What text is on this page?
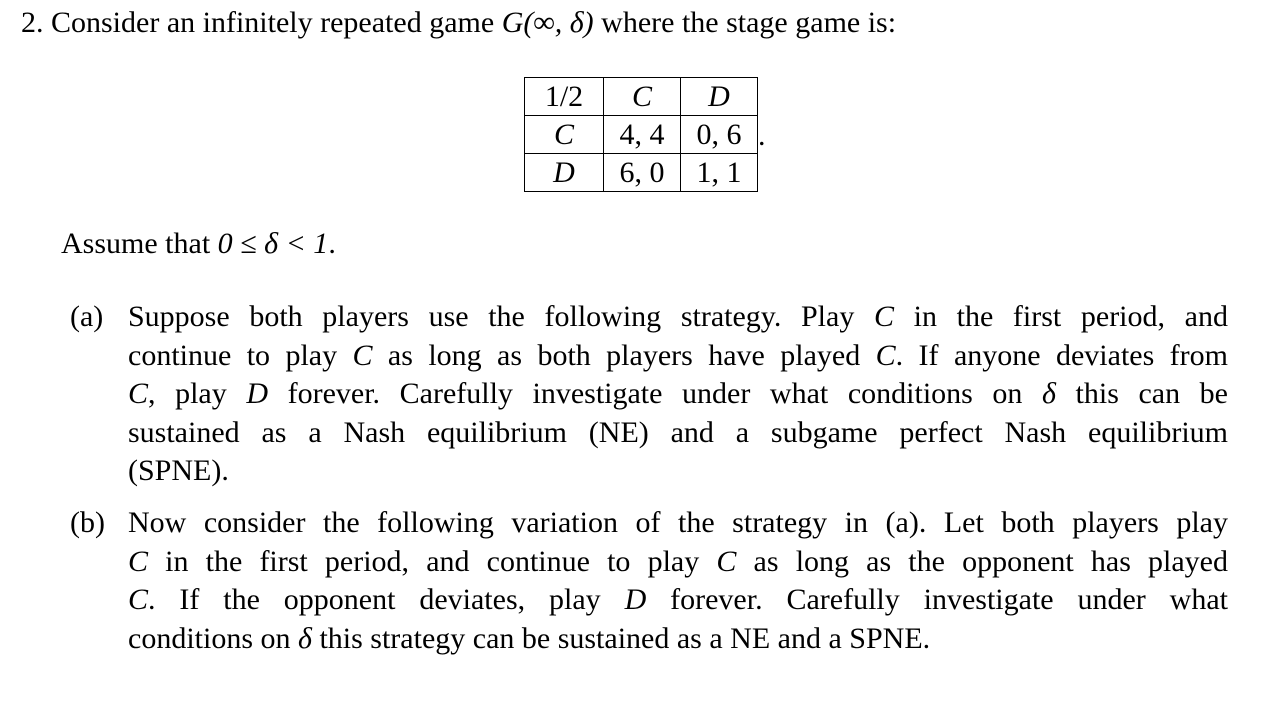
2. Consider an infinitely repeated game G(∞, δ) where the stage game is:
1/2	C	D
C	4, 4	0, 6
D	6, 0	1, 1
.
Assume that 0 ≤ δ < 1.
(a) Suppose both players use the following strategy. Play C in the first period, and
continue to play C as long as both players have played C. If anyone deviates from
C, play D forever. Carefully investigate under what conditions on δ this can be
sustained as a Nash equilibrium (NE) and a subgame perfect Nash equilibrium
(SPNE).
(b) Now consider the following variation of the strategy in (a). Let both players play
C in the first period, and continue to play C as long as the opponent has played
C. If the opponent deviates, play D forever. Carefully investigate under what
conditions on δ this strategy can be sustained as a NE and a SPNE.
